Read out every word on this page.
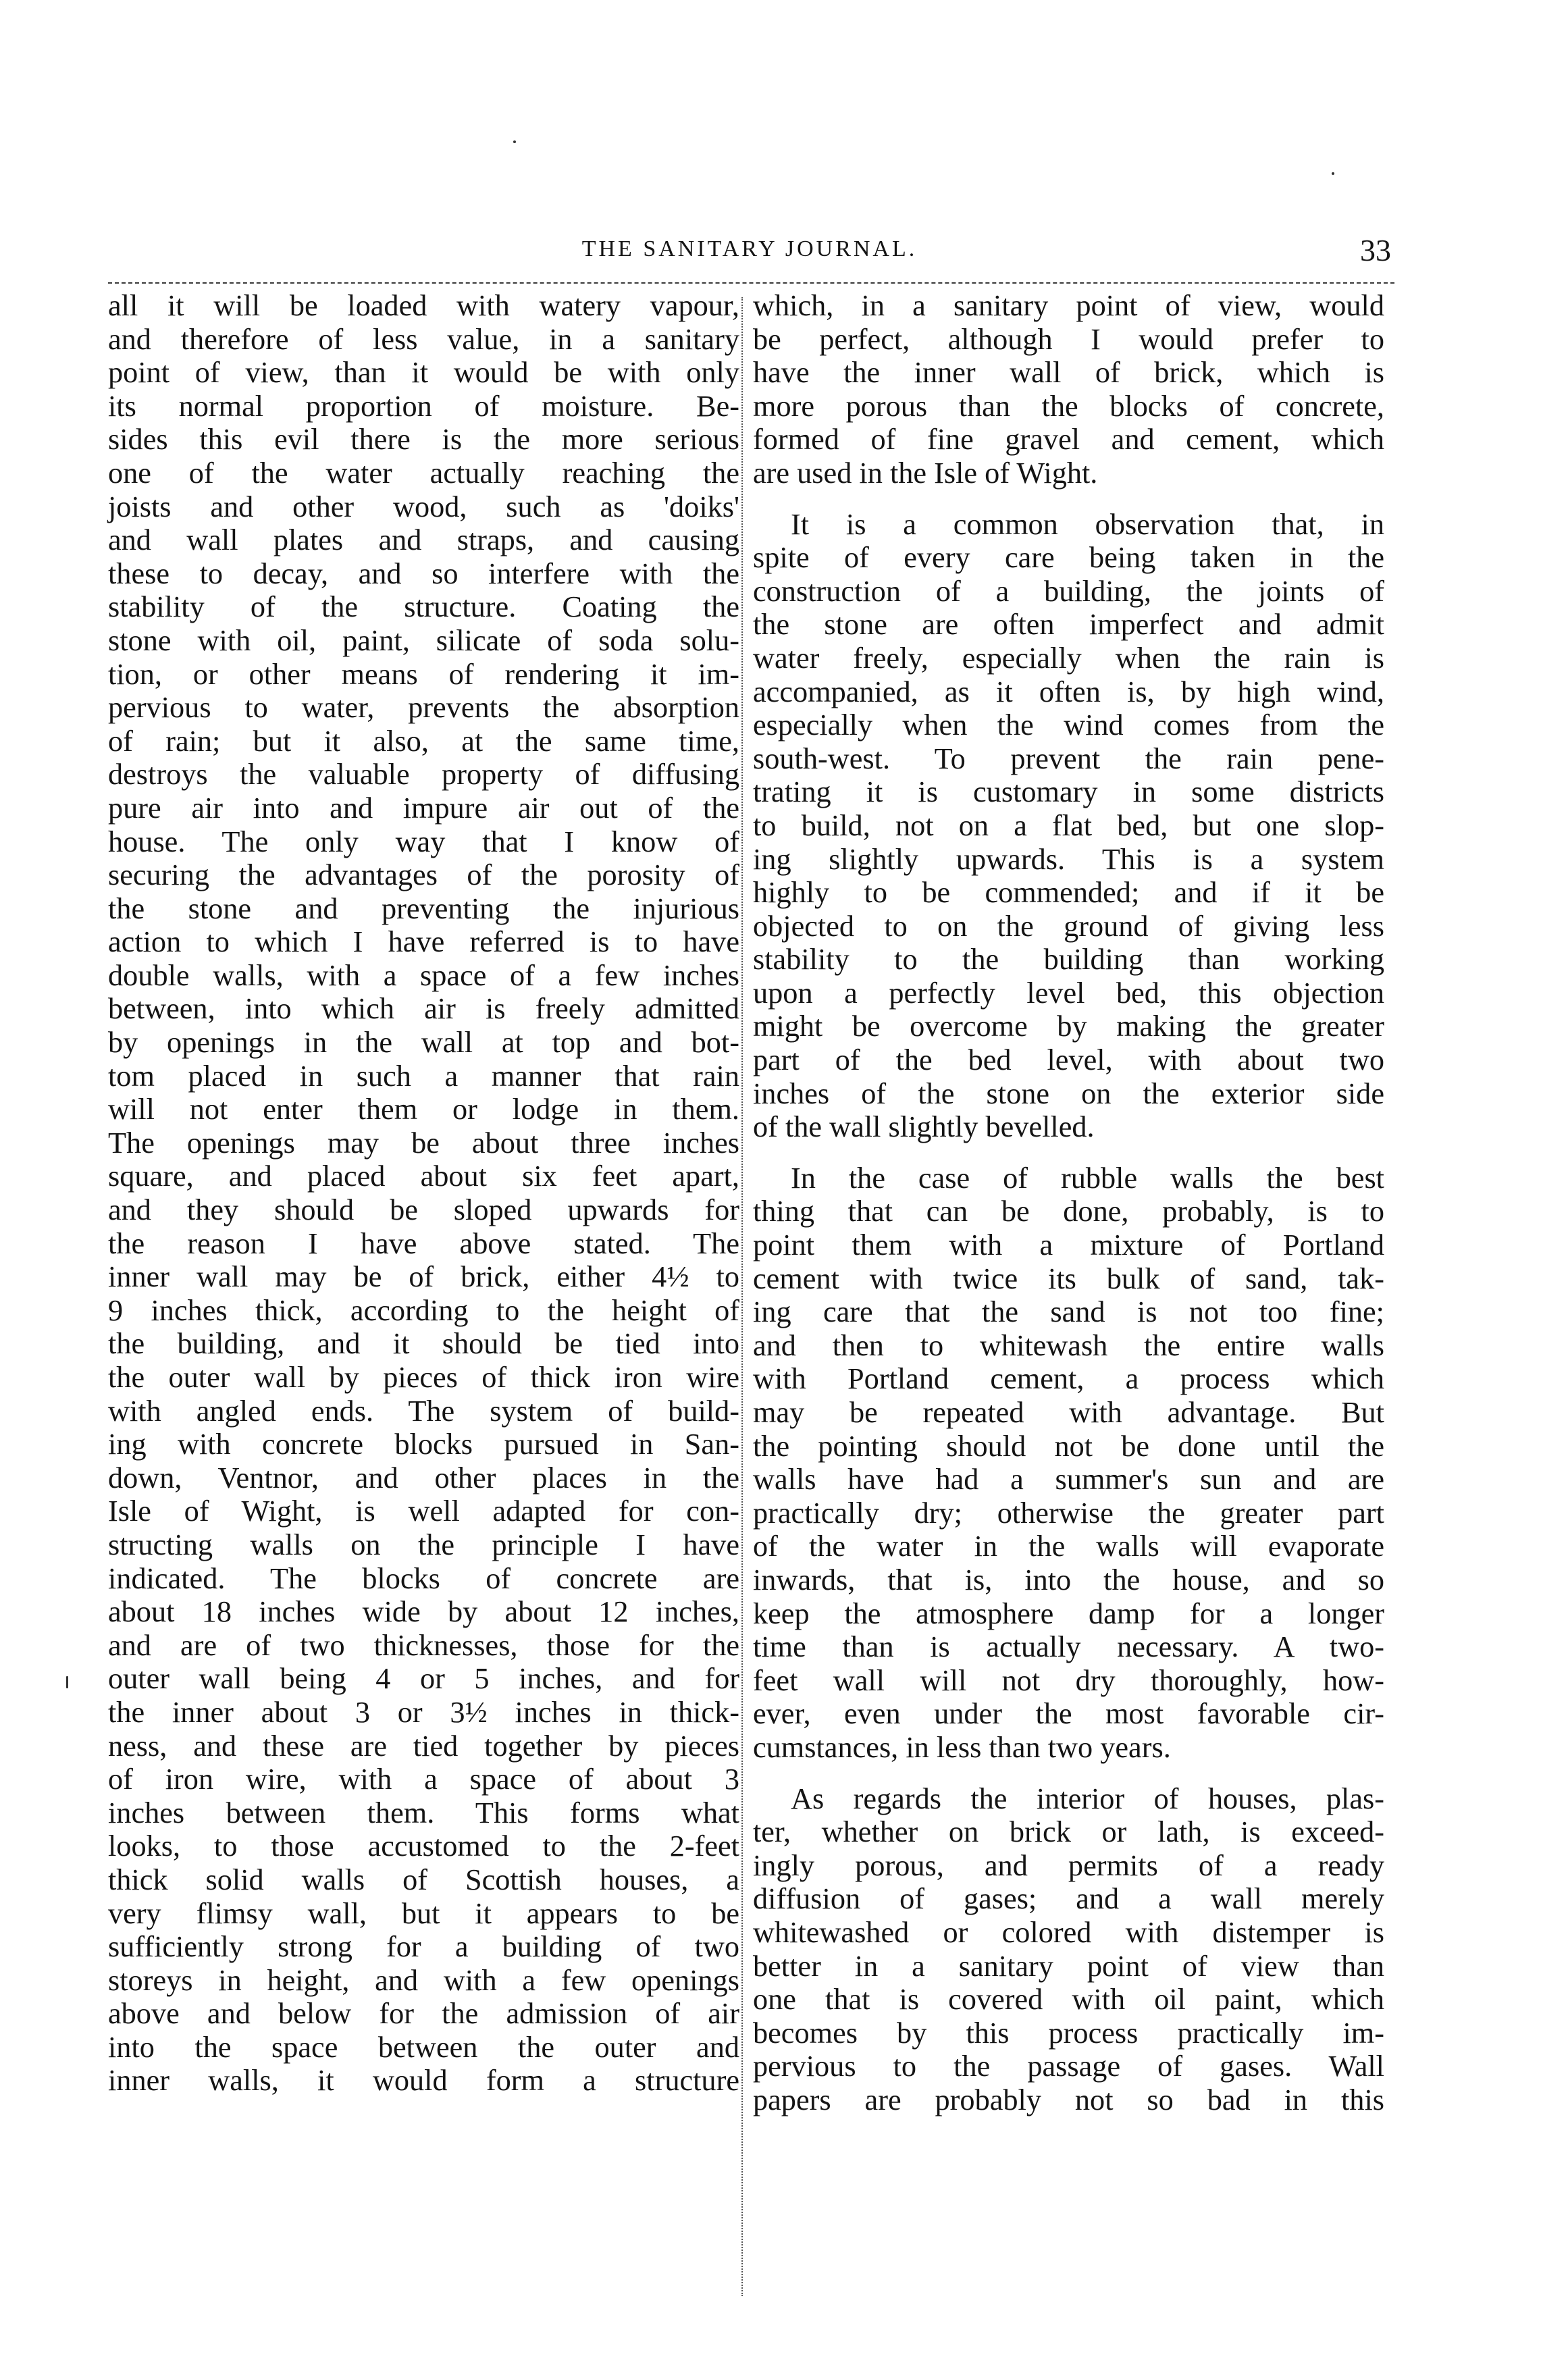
THE SANITARY JOURNAL.	33
all it will be loaded with watery vapour,
and therefore of less value, in a sanitary
point of view, than it would be with only
its normal proportion of moisture. Be-
sides this evil there is the more serious
one of the water actually reaching the
joists and other wood, such as 'doiks'
and wall plates and straps, and causing
these to decay, and so interfere with the
stability of the structure. Coating the
stone with oil, paint, silicate of soda solu-
tion, or other means of rendering it im-
pervious to water, prevents the absorption
of rain; but it also, at the same time,
destroys the valuable property of diffusing
pure air into and impure air out of the
house. The only way that I know of
securing the advantages of the porosity of
the stone and preventing the injurious
action to which I have referred is to have
double walls, with a space of a few inches
between, into which air is freely admitted
by openings in the wall at top and bot-
tom placed in such a manner that rain
will not enter them or lodge in them.
The openings may be about three inches
square, and placed about six feet apart,
and they should be sloped upwards for
the reason I have above stated. The
inner wall may be of brick, either 4½ to
9 inches thick, according to the height of
the building, and it should be tied into
the outer wall by pieces of thick iron wire
with angled ends. The system of build-
ing with concrete blocks pursued in San-
down, Ventnor, and other places in the
Isle of Wight, is well adapted for con-
structing walls on the principle I have
indicated. The blocks of concrete are
about 18 inches wide by about 12 inches,
and are of two thicknesses, those for the
outer wall being 4 or 5 inches, and for
the inner about 3 or 3½ inches in thick-
ness, and these are tied together by pieces
of iron wire, with a space of about 3
inches between them. This forms what
looks, to those accustomed to the 2-feet
thick solid walls of Scottish houses, a
very flimsy wall, but it appears to be
sufficiently strong for a building of two
storeys in height, and with a few openings
above and below for the admission of air
into the space between the outer and
inner walls, it would form a structure
which, in a sanitary point of view, would
be perfect, although I would prefer to
have the inner wall of brick, which is
more porous than the blocks of concrete,
formed of fine gravel and cement, which
are used in the Isle of Wight.
It is a common observation that, in
spite of every care being taken in the
construction of a building, the joints of
the stone are often imperfect and admit
water freely, especially when the rain is
accompanied, as it often is, by high wind,
especially when the wind comes from the
south-west. To prevent the rain pene-
trating it is customary in some districts
to build, not on a flat bed, but one slop-
ing slightly upwards. This is a system
highly to be commended; and if it be
objected to on the ground of giving less
stability to the building than working
upon a perfectly level bed, this objection
might be overcome by making the greater
part of the bed level, with about two
inches of the stone on the exterior side
of the wall slightly bevelled.
In the case of rubble walls the best
thing that can be done, probably, is to
point them with a mixture of Portland
cement with twice its bulk of sand, tak-
ing care that the sand is not too fine;
and then to whitewash the entire walls
with Portland cement, a process which
may be repeated with advantage. But
the pointing should not be done until the
walls have had a summer's sun and are
practically dry; otherwise the greater part
of the water in the walls will evaporate
inwards, that is, into the house, and so
keep the atmosphere damp for a longer
time than is actually necessary. A two-
feet wall will not dry thoroughly, how-
ever, even under the most favorable cir-
cumstances, in less than two years.
As regards the interior of houses, plas-
ter, whether on brick or lath, is exceed-
ingly porous, and permits of a ready
diffusion of gases; and a wall merely
whitewashed or colored with distemper is
better in a sanitary point of view than
one that is covered with oil paint, which
becomes by this process practically im-
pervious to the passage of gases. Wall
papers are probably not so bad in this
